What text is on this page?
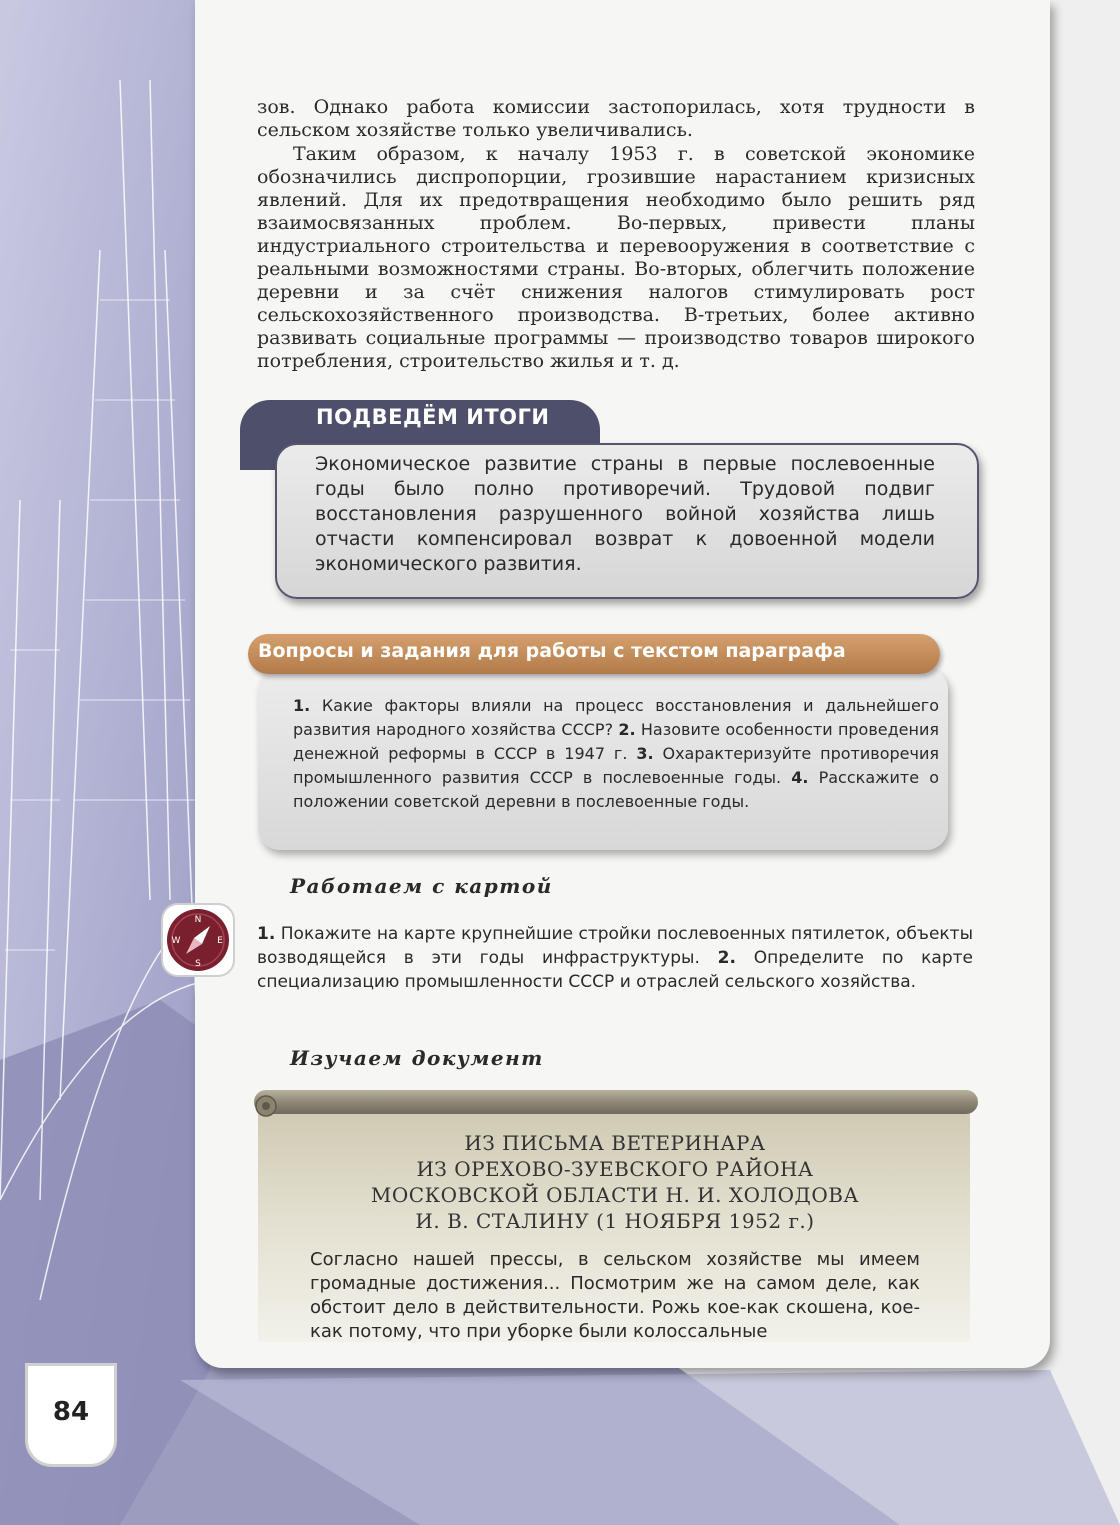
зов. Однако работа комиссии застопорилась, хотя трудности в сельском хозяйстве только увеличивались.

Таким образом, к началу 1953 г. в советской экономике обозначились диспропорции, грозившие нарастанием кризисных явлений. Для их предотвращения необходимо было решить ряд взаимосвязанных проблем. Во-первых, привести планы индустриального строительства и перевооружения в соответствие с реальными возможностями страны. Во-вторых, облегчить положение деревни и за счёт снижения налогов стимулировать рост сельскохозяйственного производства. В-третьих, более активно развивать социальные программы — производство товаров широкого потребления, строительство жилья и т. д.

ПОДВЕДЁМ ИТОГИ

Экономическое развитие страны в первые послевоенные годы было полно противоречий. Трудовой подвиг восстановления разрушенного войной хозяйства лишь отчасти компенсировал возврат к довоенной модели экономического развития.

Вопросы и задания для работы с текстом параграфа

1. Какие факторы влияли на процесс восстановления и дальнейшего развития народного хозяйства СССР? 2. Назовите особенности проведения денежной реформы в СССР в 1947 г. 3. Охарактеризуйте противоречия промышленного развития СССР в послевоенные годы. 4. Расскажите о положении советской деревни в послевоенные годы.

Работаем с картой
N
S
W	E 1. Покажите на карте крупнейшие стройки послевоенных пятилеток, объекты возводящейся в эти годы инфраструктуры. 2. Определите по карте специализацию промышленности СССР и отраслей сельского хозяйства.

Изучаем документ

ИЗ ПИСЬМА ВЕТЕРИНАРА
ИЗ ОРЕХОВО-ЗУЕВСКОГО РАЙОНА
МОСКОВСКОЙ ОБЛАСТИ Н. И. ХОЛОДОВА
И. В. СТАЛИНУ (1 НОЯБРЯ 1952 г.)

Согласно нашей прессы, в сельском хозяйстве мы имеем громадные достижения... Посмотрим же на самом деле, как обстоит дело в действительности. Рожь кое-как скошена, кое-как потому, что при уборке были колоссальные

84
